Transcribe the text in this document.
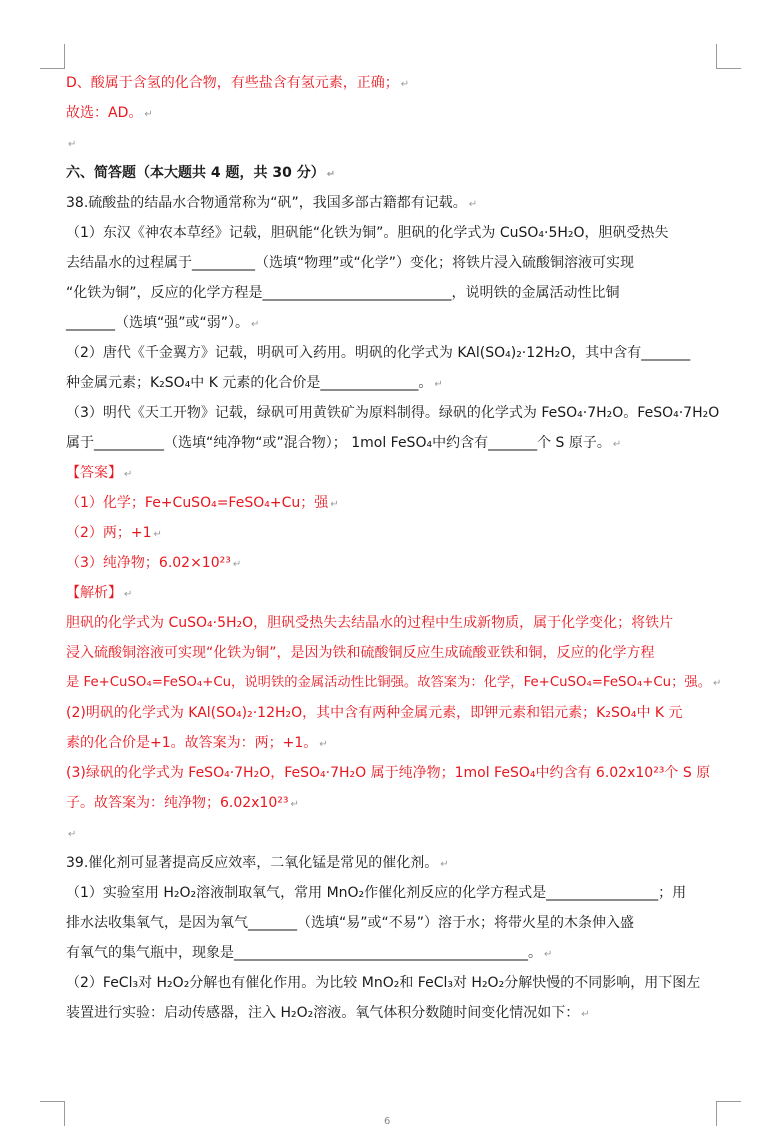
D、酸属于含氢的化合物，有些盐含有氢元素，正确； ↵
故选：AD。 ↵
↵
六、简答题（本大题共 4 题，共 30 分） ↵
38.硫酸盐的结晶水合物通常称为“矾”，我国多部古籍都有记载。 ↵
（1）东汉《神农本草经》记载，胆矾能“化铁为铜”。胆矾的化学式为 CuSO₄·5H₂O，胆矾受热失
去结晶水的过程属于_________（选填“物理”或“化学”）变化；将铁片浸入硫酸铜溶液可实现
“化铁为铜”，反应的化学方程是___________________________，说明铁的金属活动性比铜
_______（选填“强”或“弱”）。 ↵
（2）唐代《千金翼方》记载，明矾可入药用。明矾的化学式为 KAl(SO₄)₂·12H₂O，其中含有_______
种金属元素；K₂SO₄中 K 元素的化合价是______________。 ↵
（3）明代《天工开物》记载，绿矾可用黄铁矿为原料制得。绿矾的化学式为 FeSO₄·7H₂O。FeSO₄·7H₂O
属于__________（选填“纯净物“或”混合物）； 1mol FeSO₄中约含有_______个 S 原子。 ↵
【答案】 ↵
（1）化学；Fe+CuSO₄=FeSO₄+Cu；强 ↵
（2）两；+1 ↵
（3）纯净物；6.02×10²³ ↵
【解析】 ↵
胆矾的化学式为 CuSO₄·5H₂O，胆矾受热失去结晶水的过程中生成新物质，属于化学变化；将铁片
浸入硫酸铜溶液可实现“化铁为铜”，是因为铁和硫酸铜反应生成硫酸亚铁和铜，反应的化学方程
是 Fe+CuSO₄=FeSO₄+Cu，说明铁的金属活动性比铜强。故答案为：化学，Fe+CuSO₄=FeSO₄+Cu；强。 ↵
(2)明矾的化学式为 KAl(SO₄)₂·12H₂O，其中含有两种金属元素，即钾元素和铝元素；K₂SO₄中 K 元
素的化合价是+1。故答案为：两；+1。 ↵
(3)绿矾的化学式为 FeSO₄·7H₂O，FeSO₄·7H₂O 属于纯净物；1mol FeSO₄中约含有 6.02x10²³个 S 原
子。故答案为：纯净物；6.02x10²³ ↵
↵
39.催化剂可显著提高反应效率，二氧化锰是常见的催化剂。 ↵
（1）实验室用 H₂O₂溶液制取氧气，常用 MnO₂作催化剂反应的化学方程式是________________；用
排水法收集氧气，是因为氧气_______（选填“易”或“不易”）溶于水；将带火星的木条伸入盛
有氧气的集气瓶中，现象是__________________________________________。 ↵
（2）FeCl₃对 H₂O₂分解也有催化作用。为比较 MnO₂和 FeCl₃对 H₂O₂分解快慢的不同影响，用下图左
装置进行实验：启动传感器，注入 H₂O₂溶液。氧气体积分数随时间变化情况如下： ↵
6
